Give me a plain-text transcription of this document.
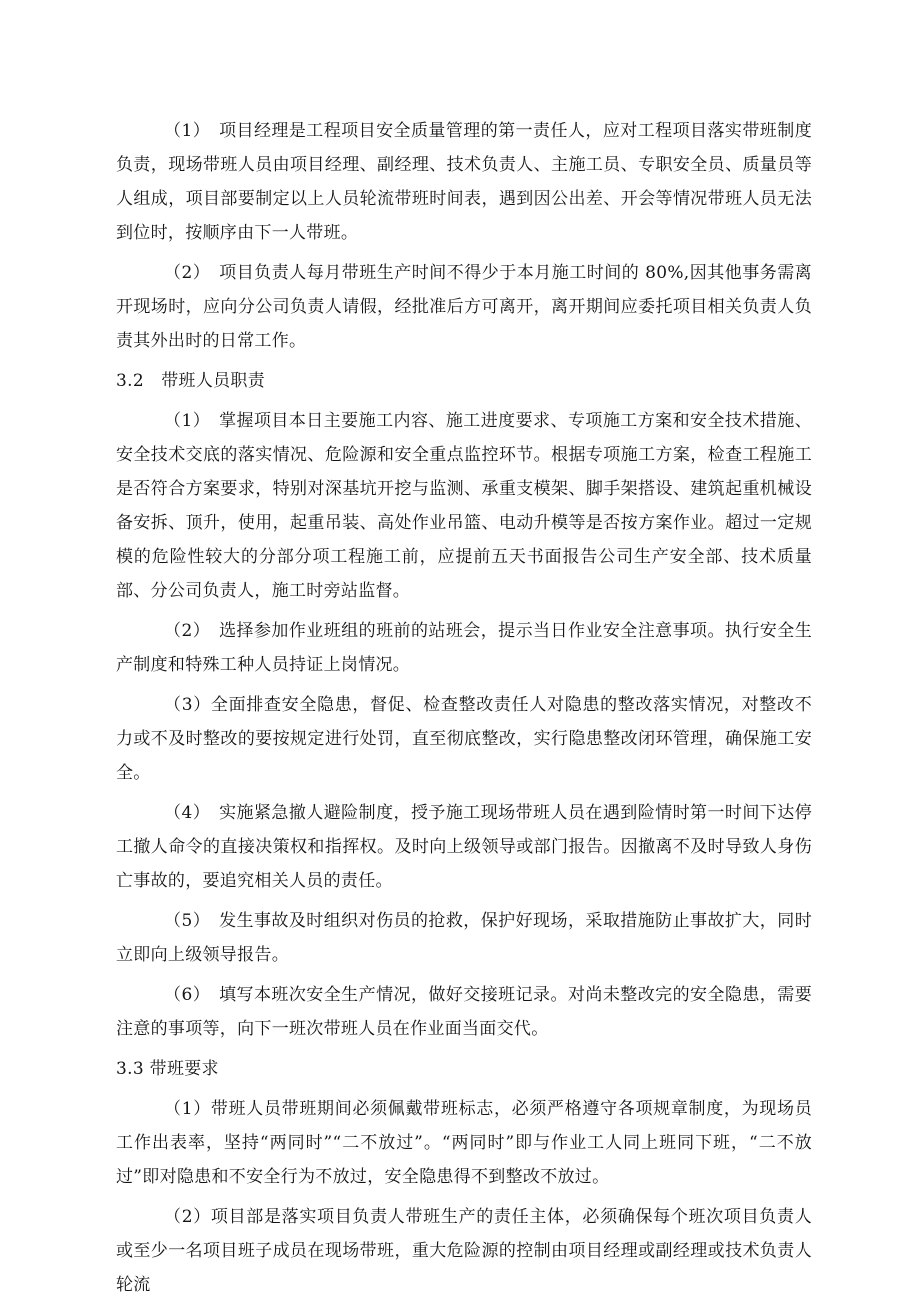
（1）　项目经理是工程项目安全质量管理的第一责任人，应对工程项目落实带班制度负责，现场带班人员由项目经理、副经理、技术负责人、主施工员、专职安全员、质量员等人组成，项目部要制定以上人员轮流带班时间表，遇到因公出差、开会等情况带班人员无法到位时，按顺序由下一人带班。

（2）　项目负责人每月带班生产时间不得少于本月施工时间的 80%,因其他事务需离开现场时，应向分公司负责人请假，经批准后方可离开，离开期间应委托项目相关负责人负责其外出时的日常工作。

3.2　带班人员职责

（1）　掌握项目本日主要施工内容、施工进度要求、专项施工方案和安全技术措施、安全技术交底的落实情况、危险源和安全重点监控环节。根据专项施工方案，检查工程施工是否符合方案要求，特别对深基坑开挖与监测、承重支模架、脚手架搭设、建筑起重机械设备安拆、顶升，使用，起重吊装、高处作业吊篮、电动升模等是否按方案作业。超过一定规模的危险性较大的分部分项工程施工前，应提前五天书面报告公司生产安全部、技术质量部、分公司负责人，施工时旁站监督。

（2）　选择参加作业班组的班前的站班会，提示当日作业安全注意事项。执行安全生产制度和特殊工种人员持证上岗情况。

（3）全面排查安全隐患，督促、检查整改责任人对隐患的整改落实情况，对整改不力或不及时整改的要按规定进行处罚，直至彻底整改，实行隐患整改闭环管理，确保施工安全。

（4）　实施紧急撤人避险制度，授予施工现场带班人员在遇到险情时第一时间下达停工撤人命令的直接决策权和指挥权。及时向上级领导或部门报告。因撤离不及时导致人身伤亡事故的，要追究相关人员的责任。

（5）　发生事故及时组织对伤员的抢救，保护好现场，采取措施防止事故扩大，同时立即向上级领导报告。

（6）　填写本班次安全生产情况，做好交接班记录。对尚未整改完的安全隐患，需要注意的事项等，向下一班次带班人员在作业面当面交代。

3.3 带班要求

（1）带班人员带班期间必须佩戴带班标志，必须严格遵守各项规章制度，为现场员工作出表率，坚持“两同时”“二不放过”。“两同时”即与作业工人同上班同下班，“二不放过”即对隐患和不安全行为不放过，安全隐患得不到整改不放过。

（2）项目部是落实项目负责人带班生产的责任主体，必须确保每个班次项目负责人或至少一名项目班子成员在现场带班，重大危险源的控制由项目经理或副经理或技术负责人轮流
